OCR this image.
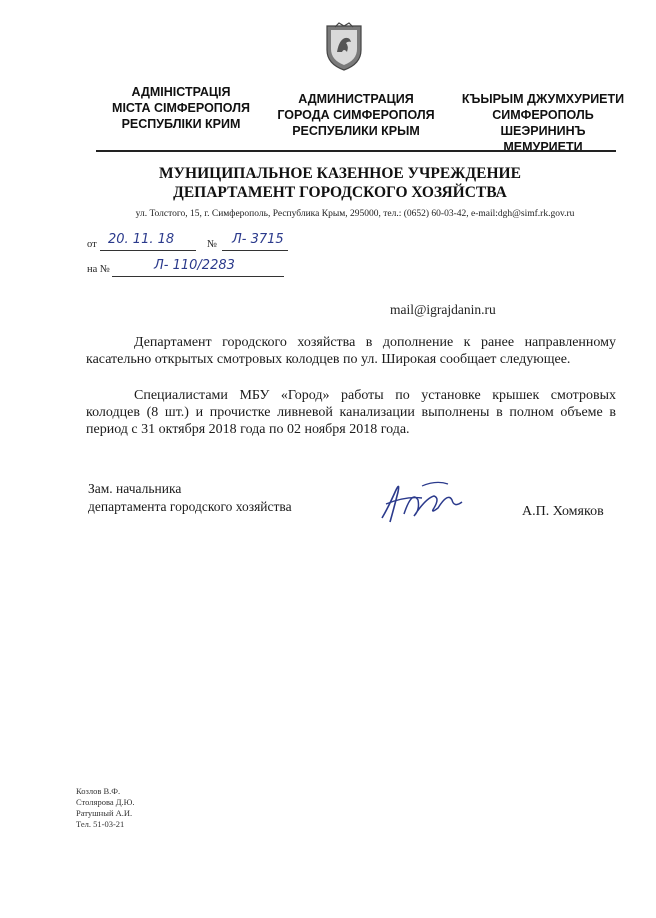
АДМІНІСТРАЦІЯ
МІСТА СІМФЕРОПОЛЯ
РЕСПУБЛІКИ КРИМ
АДМИНИСТРАЦИЯ
ГОРОДА СИМФЕРОПОЛЯ
РЕСПУБЛИКИ КРЫМ
КЪЫРЫМ ДЖУМХУРИЕТИ
СИМФЕРОПОЛЬ
ШЕЭРИНИНЪ
МЕМУРИЕТИ
МУНИЦИПАЛЬНОЕ КАЗЕННОЕ УЧРЕЖДЕНИЕ
ДЕПАРТАМЕНТ ГОРОДСКОГО ХОЗЯЙСТВА
ул. Толстого, 15, г. Симферополь, Республика Крым, 295000, тел.: (0652) 60-03-42, e-mail:dgh@simf.rk.gov.ru
от 20. 11. 18	№ Л- 3715
на №	Л- 110/2283
mail@igrajdanin.ru
Департамент городского хозяйства в дополнение к ранее направленному касательно открытых смотровых колодцев по ул. Широкая сообщает следующее.
Специалистами МБУ «Город» работы по установке крышек смотровых колодцев (8 шт.) и прочистке ливневой канализации выполнены в полном объеме в период с 31 октября 2018 года по 02 ноября 2018 года.
Зам. начальника
департамента городского хозяйства	А.П. Хомяков
Козлов В.Ф.
Столярова Д.Ю.
Ратушный А.И.
Тел. 51-03-21
